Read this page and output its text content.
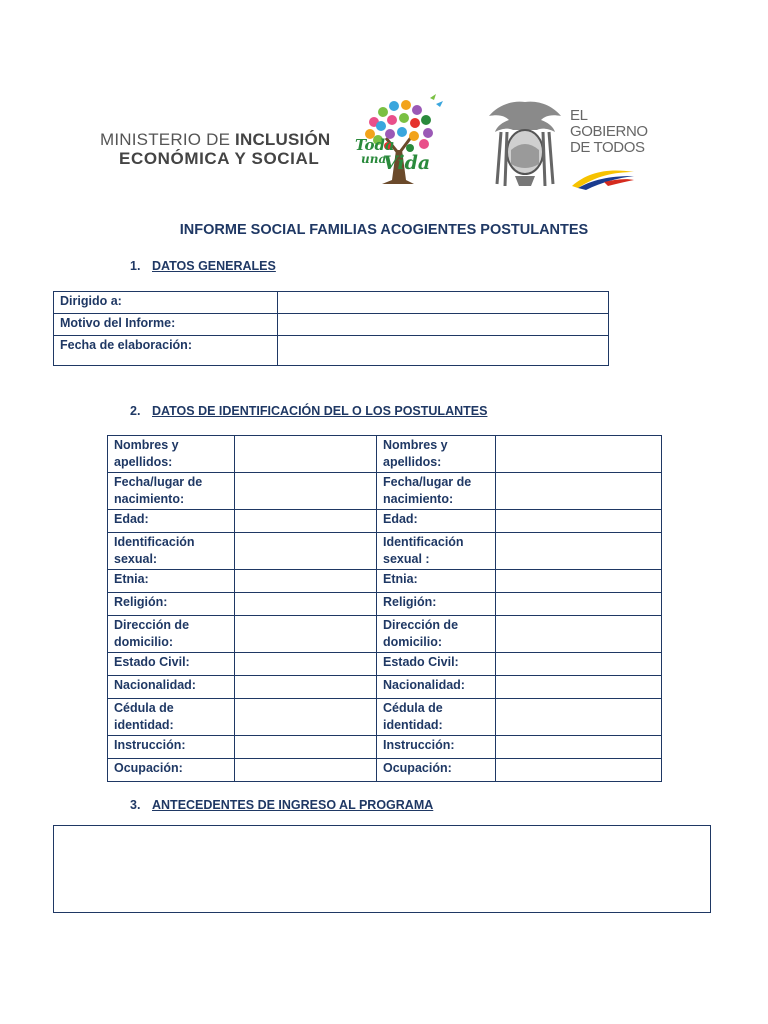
MINISTERIO DE INCLUSIÓN
ECONÓMICA Y SOCIAL
Toda
una
Vida
EL
GOBIERNO
DE TODOS
INFORME SOCIAL FAMILIAS ACOGIENTES POSTULANTES
1. DATOS GENERALES
Dirigido a:	
Motivo del Informe:	
Fecha de elaboración:	
2. DATOS DE IDENTIFICACIÓN DEL O LOS POSTULANTES
Nombres y apellidos:		Nombres y apellidos:	
Fecha/lugar de nacimiento:		Fecha/lugar de nacimiento:	
Edad:		Edad:	
Identificación sexual:		Identificación sexual :	
Etnia:		Etnia:	
Religión:		Religión:	
Dirección de domicilio:		Dirección de domicilio:	
Estado Civil:		Estado Civil:	
Nacionalidad:		Nacionalidad:	
Cédula de identidad:		Cédula de identidad:	
Instrucción:		Instrucción:	
Ocupación:		Ocupación:	
3. ANTECEDENTES DE INGRESO AL PROGRAMA
